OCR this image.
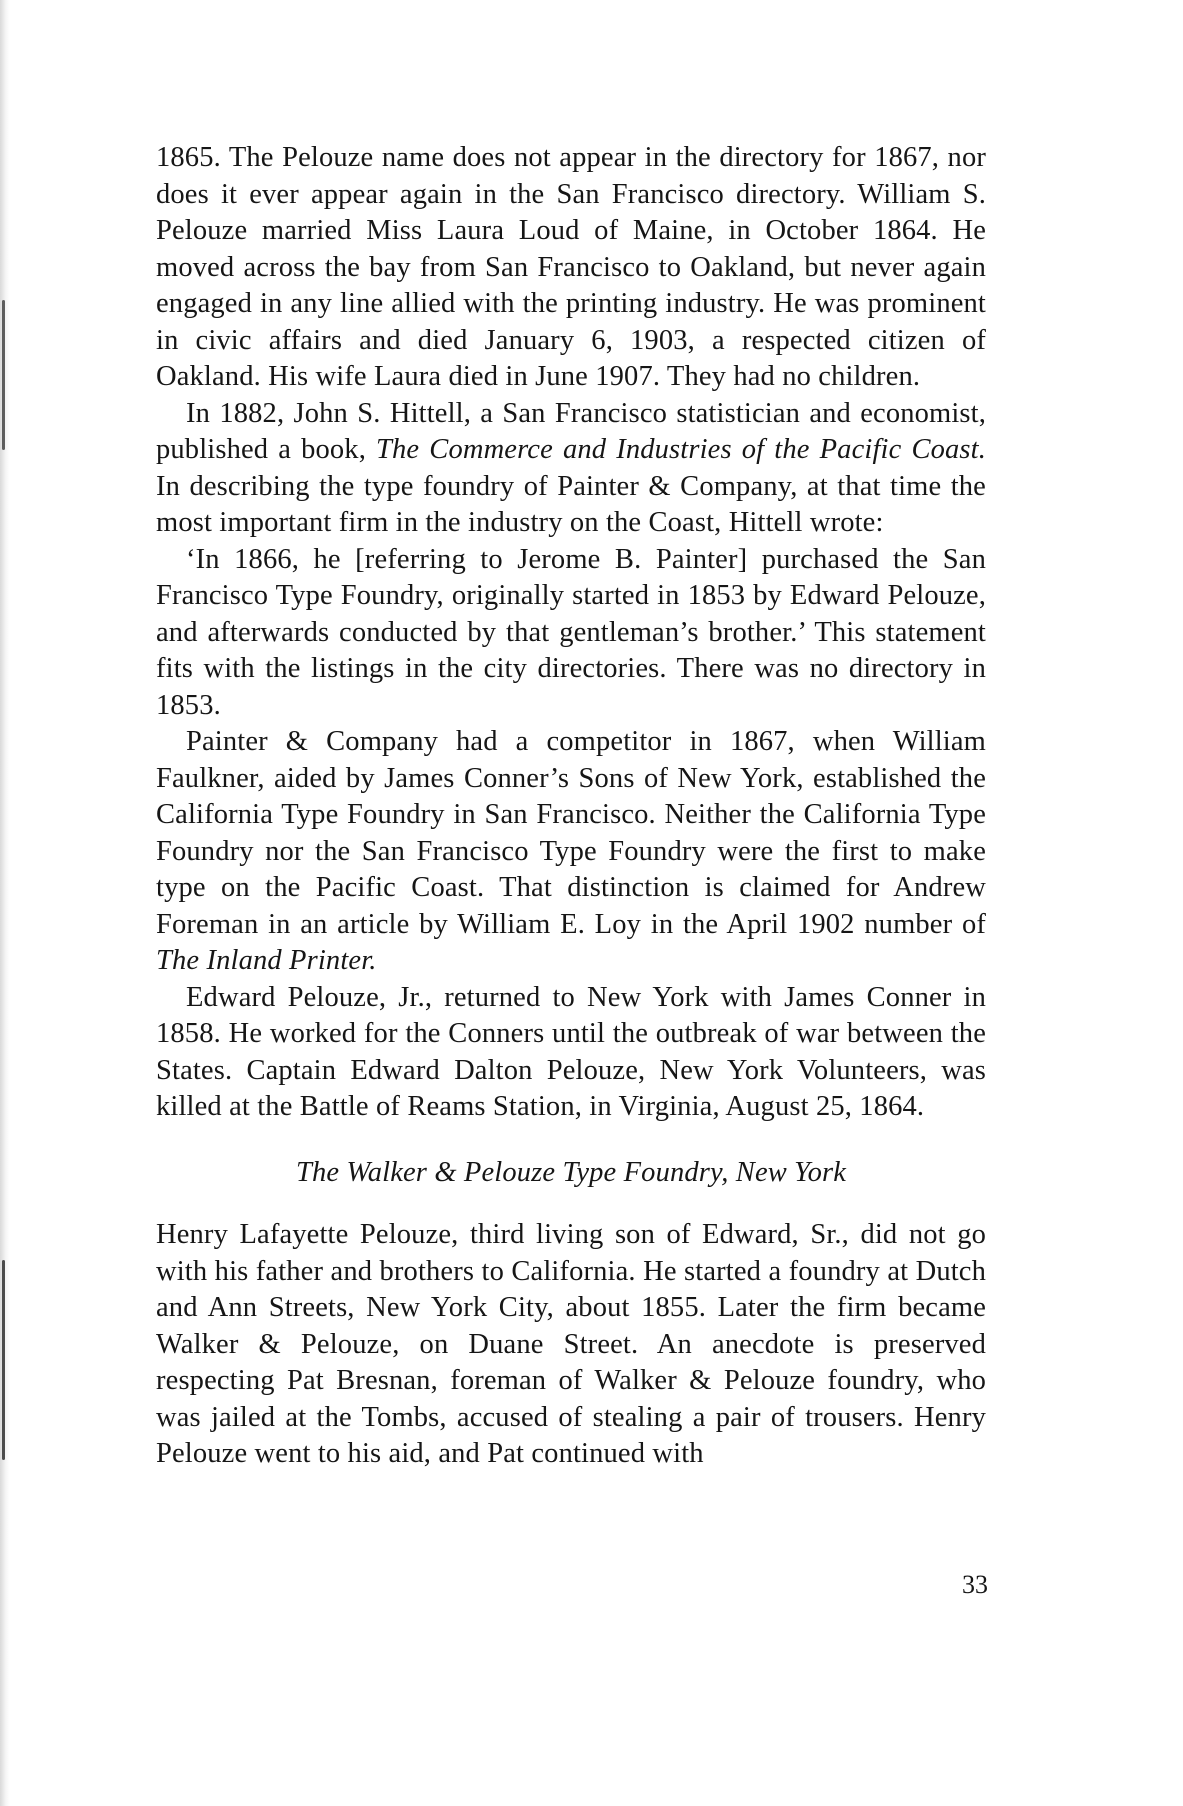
1865. The Pelouze name does not appear in the directory for 1867, nor does it ever appear again in the San Francisco directory. William S. Pelouze married Miss Laura Loud of Maine, in October 1864. He moved across the bay from San Francisco to Oakland, but never again engaged in any line allied with the printing industry. He was prominent in civic affairs and died January 6, 1903, a respected citizen of Oakland. His wife Laura died in June 1907. They had no children.

In 1882, John S. Hittell, a San Francisco statistician and economist, published a book, The Commerce and Industries of the Pacific Coast. In describing the type foundry of Painter & Company, at that time the most important firm in the industry on the Coast, Hittell wrote:

‘In 1866, he [referring to Jerome B. Painter] purchased the San Francisco Type Foundry, originally started in 1853 by Edward Pelouze, and afterwards conducted by that gentleman’s brother.’ This statement fits with the listings in the city directories. There was no directory in 1853.

Painter & Company had a competitor in 1867, when William Faulkner, aided by James Conner’s Sons of New York, established the California Type Foundry in San Francisco. Neither the California Type Foundry nor the San Francisco Type Foundry were the first to make type on the Pacific Coast. That distinction is claimed for Andrew Foreman in an article by William E. Loy in the April 1902 number of The Inland Printer.

Edward Pelouze, Jr., returned to New York with James Conner in 1858. He worked for the Conners until the outbreak of war between the States. Captain Edward Dalton Pelouze, New York Volunteers, was killed at the Battle of Reams Station, in Virginia, August 25, 1864.

The Walker & Pelouze Type Foundry, New York

Henry Lafayette Pelouze, third living son of Edward, Sr., did not go with his father and brothers to California. He started a foundry at Dutch and Ann Streets, New York City, about 1855. Later the firm became Walker & Pelouze, on Duane Street. An anecdote is preserved respecting Pat Bresnan, foreman of Walker & Pelouze foundry, who was jailed at the Tombs, accused of stealing a pair of trousers. Henry Pelouze went to his aid, and Pat continued with

33
